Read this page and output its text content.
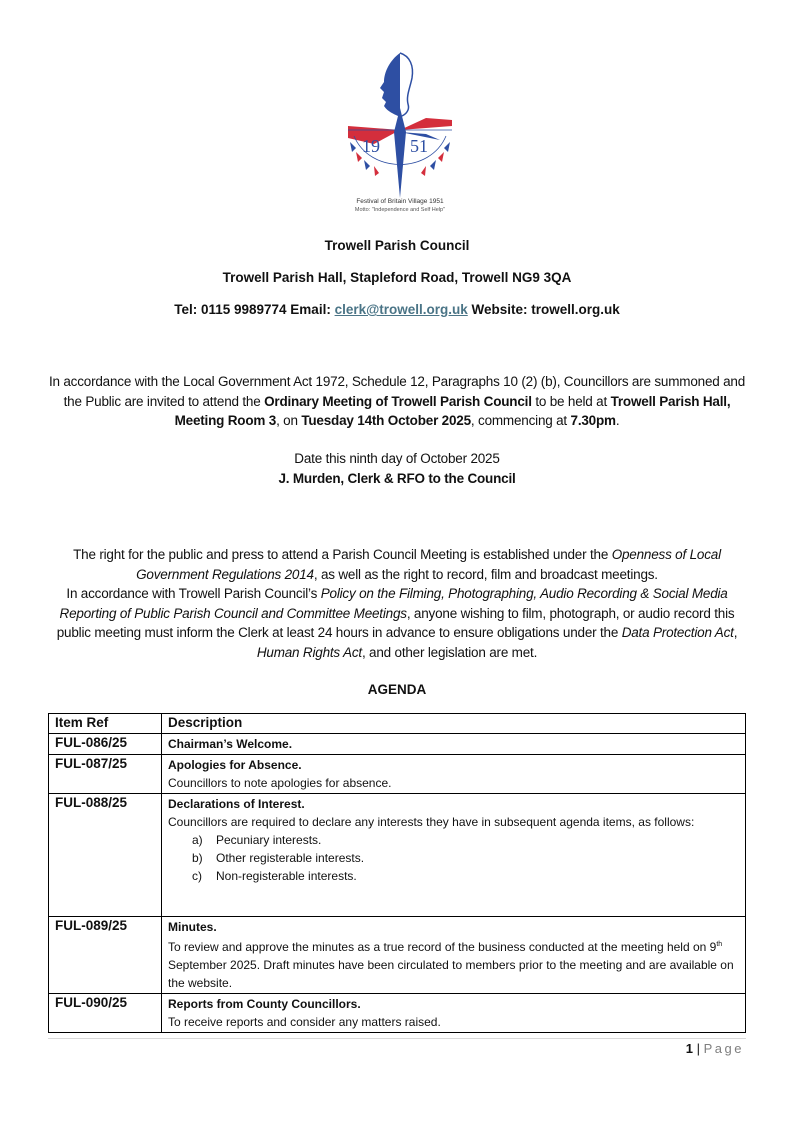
19 51
Festival of Britain Village 1951
Motto: "Independence and Self Help"
Trowell Parish Council
Trowell Parish Hall, Stapleford Road, Trowell NG9 3QA
Tel: 0115 9989774 Email: clerk@trowell.org.uk Website: trowell.org.uk
In accordance with the Local Government Act 1972, Schedule 12, Paragraphs 10 (2) (b), Councillors are summoned and the Public are invited to attend the Ordinary Meeting of Trowell Parish Council to be held at Trowell Parish Hall, Meeting Room 3, on Tuesday 14th October 2025, commencing at 7.30pm.
Date this ninth day of October 2025
J. Murden, Clerk & RFO to the Council
The right for the public and press to attend a Parish Council Meeting is established under the Openness of Local Government Regulations 2014, as well as the right to record, film and broadcast meetings.
In accordance with Trowell Parish Council’s Policy on the Filming, Photographing, Audio Recording & Social Media Reporting of Public Parish Council and Committee Meetings, anyone wishing to film, photograph, or audio record this public meeting must inform the Clerk at least 24 hours in advance to ensure obligations under the Data Protection Act, Human Rights Act, and other legislation are met.
AGENDA
Item Ref	Description
FUL-086/25	Chairman’s Welcome.

FUL-087/25	Apologies for Absence.
Councillors to note apologies for absence.

FUL-088/25	Declarations of Interest.
Councillors are required to declare any interests they have in subsequent agenda items, as follows:
a) Pecuniary interests.
b) Other registerable interests.
c) Non-registerable interests.

FUL-089/25	Minutes.
To review and approve the minutes as a true record of the business conducted at the meeting held on 9th September 2025. Draft minutes have been circulated to members prior to the meeting and are available on the website.

FUL-090/25	Reports from County Councillors.
To receive reports and consider any matters raised.
1 | Page
